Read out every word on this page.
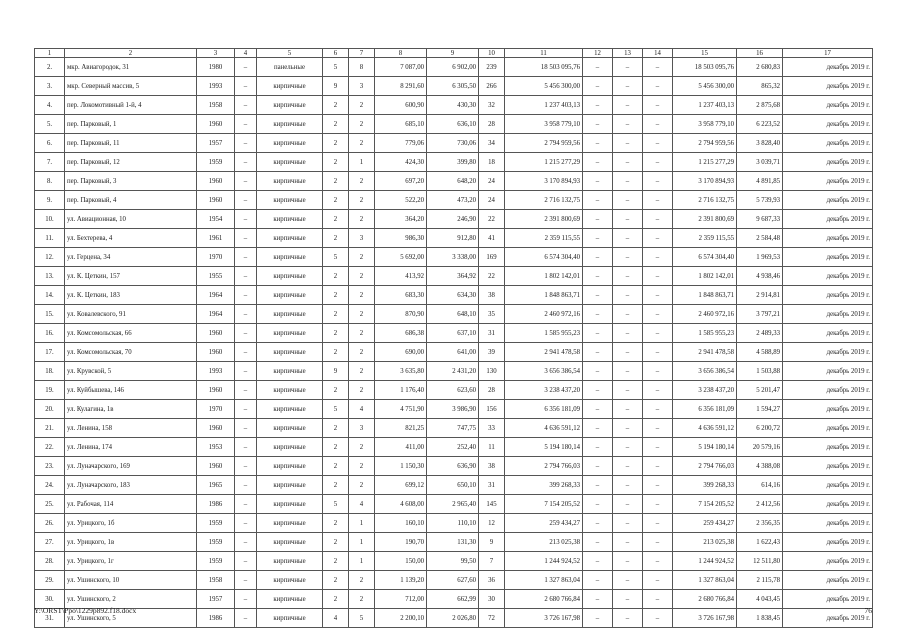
1	2	3	4	5	6	7	8	9	10	11	12	13	14	15	16	17
2.	мкр. Авиагородок, 31	1980	–	панельные	5	8	7 087,00	6 902,00	239	18 503 095,76	–	–	–	18 503 095,76	2 680,83	декабрь 2019 г.
3.	мкр. Северный массив, 5	1993	–	кирпичные	9	3	8 291,60	6 305,50	266	5 456 300,00	–	–	–	5 456 300,00	865,32	декабрь 2019 г.
4.	пер. Локомотивный 1-й, 4	1958	–	кирпичные	2	2	600,90	430,30	32	1 237 403,13	–	–	–	1 237 403,13	2 875,68	декабрь 2019 г.
5.	пер. Парковый, 1	1960	–	кирпичные	2	2	685,10	636,10	28	3 958 779,10	–	–	–	3 958 779,10	6 223,52	декабрь 2019 г.
6.	пер. Парковый, 11	1957	–	кирпичные	2	2	779,06	730,06	34	2 794 959,56	–	–	–	2 794 959,56	3 828,40	декабрь 2019 г.
7.	пер. Парковый, 12	1959	–	кирпичные	2	1	424,30	399,80	18	1 215 277,29	–	–	–	1 215 277,29	3 039,71	декабрь 2019 г.
8.	пер. Парковый, 3	1960	–	кирпичные	2	2	697,20	648,20	24	3 170 894,93	–	–	–	3 170 894,93	4 891,85	декабрь 2019 г.
9.	пер. Парковый, 4	1960	–	кирпичные	2	2	522,20	473,20	24	2 716 132,75	–	–	–	2 716 132,75	5 739,93	декабрь 2019 г.
10.	ул. Авиационная, 10	1954	–	кирпичные	2	2	364,20	246,90	22	2 391 800,69	–	–	–	2 391 800,69	9 687,33	декабрь 2019 г.
11.	ул. Бехтерева, 4	1961	–	кирпичные	2	3	986,30	912,80	41	2 359 115,55	–	–	–	2 359 115,55	2 584,48	декабрь 2019 г.
12.	ул. Герцена, 34	1970	–	кирпичные	5	2	5 692,00	3 338,00	169	6 574 304,40	–	–	–	6 574 304,40	1 969,53	декабрь 2019 г.
13.	ул. К. Цеткин, 157	1955	–	кирпичные	2	2	413,92	364,92	22	1 802 142,01	–	–	–	1 802 142,01	4 938,46	декабрь 2019 г.
14.	ул. К. Цеткин, 183	1964	–	кирпичные	2	2	683,30	634,30	38	1 848 863,71	–	–	–	1 848 863,71	2 914,81	декабрь 2019 г.
15.	ул. Ковалевского, 91	1964	–	кирпичные	2	2	870,90	648,10	35	2 460 972,16	–	–	–	2 460 972,16	3 797,21	декабрь 2019 г.
16.	ул. Комсомольская, 66	1960	–	кирпичные	2	2	686,38	637,10	31	1 585 955,23	–	–	–	1 585 955,23	2 489,33	декабрь 2019 г.
17.	ул. Комсомольская, 70	1960	–	кирпичные	2	2	690,00	641,00	39	2 941 478,58	–	–	–	2 941 478,58	4 588,89	декабрь 2019 г.
18.	ул. Крувской, 5	1993	–	кирпичные	9	2	3 635,80	2 431,20	130	3 656 386,54	–	–	–	3 656 386,54	1 503,88	декабрь 2019 г.
19.	ул. Куйбышева, 146	1960	–	кирпичные	2	2	1 176,40	623,60	28	3 238 437,20	–	–	–	3 238 437,20	5 201,47	декабрь 2019 г.
20.	ул. Кулагина, 1в	1970	–	кирпичные	5	4	4 751,90	3 986,90	156	6 356 181,09	–	–	–	6 356 181,09	1 594,27	декабрь 2019 г.
21.	ул. Ленина, 158	1960	–	кирпичные	2	3	821,25	747,75	33	4 636 591,12	–	–	–	4 636 591,12	6 200,72	декабрь 2019 г.
22.	ул. Ленина, 174	1953	–	кирпичные	2	2	411,00	252,40	11	5 194 180,14	–	–	–	5 194 180,14	20 579,16	декабрь 2019 г.
23.	ул. Луначарского, 169	1960	–	кирпичные	2	2	1 150,30	636,90	38	2 794 766,03	–	–	–	2 794 766,03	4 388,08	декабрь 2019 г.
24.	ул. Луначарского, 183	1965	–	кирпичные	2	2	699,12	650,10	31	399 268,33	–	–	–	399 268,33	614,16	декабрь 2019 г.
25.	ул. Рабочая, 114	1986	–	кирпичные	5	4	4 608,00	2 965,40	145	7 154 205,52	–	–	–	7 154 205,52	2 412,56	декабрь 2019 г.
26.	ул. Урицкого, 1б	1959	–	кирпичные	2	1	160,10	110,10	12	259 434,27	–	–	–	259 434,27	2 356,35	декабрь 2019 г.
27.	ул. Урицкого, 1в	1959	–	кирпичные	2	1	190,70	131,30	9	213 025,38	–	–	–	213 025,38	1 622,43	декабрь 2019 г.
28.	ул. Урицкого, 1г	1959	–	кирпичные	2	1	150,00	99,50	7	1 244 924,52	–	–	–	1 244 924,52	12 511,80	декабрь 2019 г.
29.	ул. Ушинского, 10	1958	–	кирпичные	2	2	1 139,20	627,60	36	1 327 863,04	–	–	–	1 327 863,04	2 115,78	декабрь 2019 г.
30.	ул. Ушинского, 2	1957	–	кирпичные	2	2	712,00	662,99	30	2 680 766,84	–	–	–	2 680 766,84	4 043,45	декабрь 2019 г.
31.	ул. Ушинского, 5	1986	–	кирпичные	4	5	2 200,10	2 026,80	72	3 726 167,98	–	–	–	3 726 167,98	1 838,45	декабрь 2019 г.
Y:\ORST\Ppo\1229p892.f18.docx	76
